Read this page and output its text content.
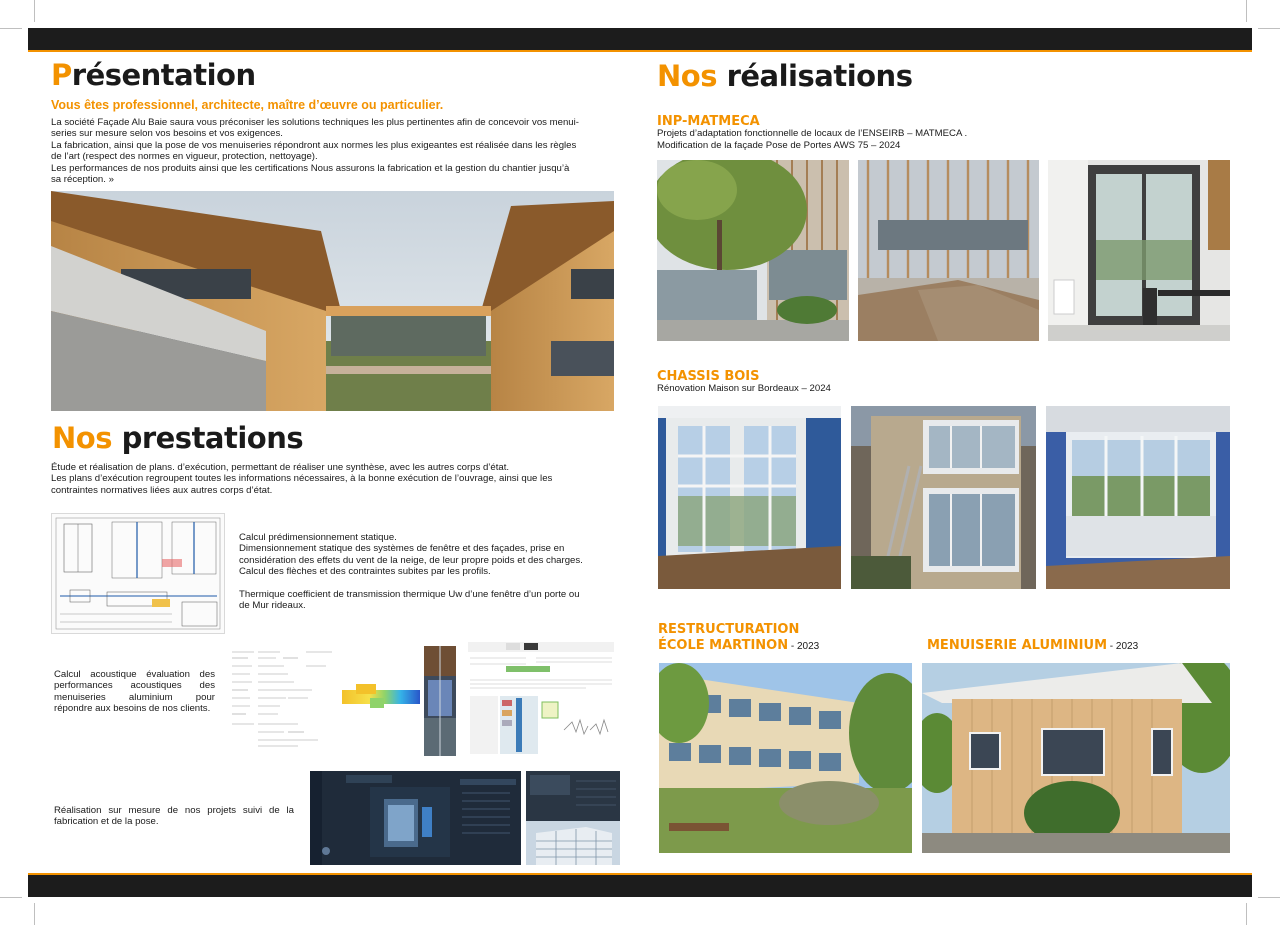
Présentation
Vous êtes professionnel, architecte, maître d’œuvre ou particulier.

La société Façade Alu Baie saura vous préconiser les solutions techniques les plus pertinentes afin de concevoir vos menui-

series sur mesure selon vos besoins et vos exigences.

La fabrication, ainsi que la pose de vos menuiseries répondront aux normes les plus exigeantes est réalisée dans les règles

de l’art (respect des normes en vigueur, protection, nettoyage).

Les performances de nos produits ainsi que les certifications Nous assurons la fabrication et la gestion du chantier jusqu’à

sa réception. »

Nos prestations

Étude et réalisation de plans. d’exécution, permettant de réaliser une synthèse, avec les autres corps d’état.

Les plans d’exécution regroupent toutes les informations nécessaires, à la bonne exécution de l’ouvrage, ainsi que les

contraintes normatives liées aux autres corps d’état.

Calcul prédimensionnement statique.

Dimensionnement statique des systèmes de fenêtre et des façades, prise en

considération des effets du vent de la neige, de leur propre poids et des charges.

Calcul des flèches et des contraintes subites par les profils.

Thermique coefficient de transmission thermique Uw d’une fenêtre d’un porte ou

de Mur rideaux.

Calcul acoustique évaluation des performances acoustiques des menuiseries aluminium pour répondre aux besoins de nos clients.
Réalisation sur mesure de nos projets suivi de la fabrication et de la pose.
Nos réalisations
INP-MATMECA

Projets d’adaptation fonctionnelle de locaux de l’ENSEIRB – MATMECA .

Modification de la façade Pose de Portes AWS 75 – 2024

CHASSIS BOIS

Rénovation Maison sur Bordeaux – 2024

RESTRUCTURATION
ÉCOLE MARTINON - 2023	MENUISERIE ALUMINIUM - 2023
